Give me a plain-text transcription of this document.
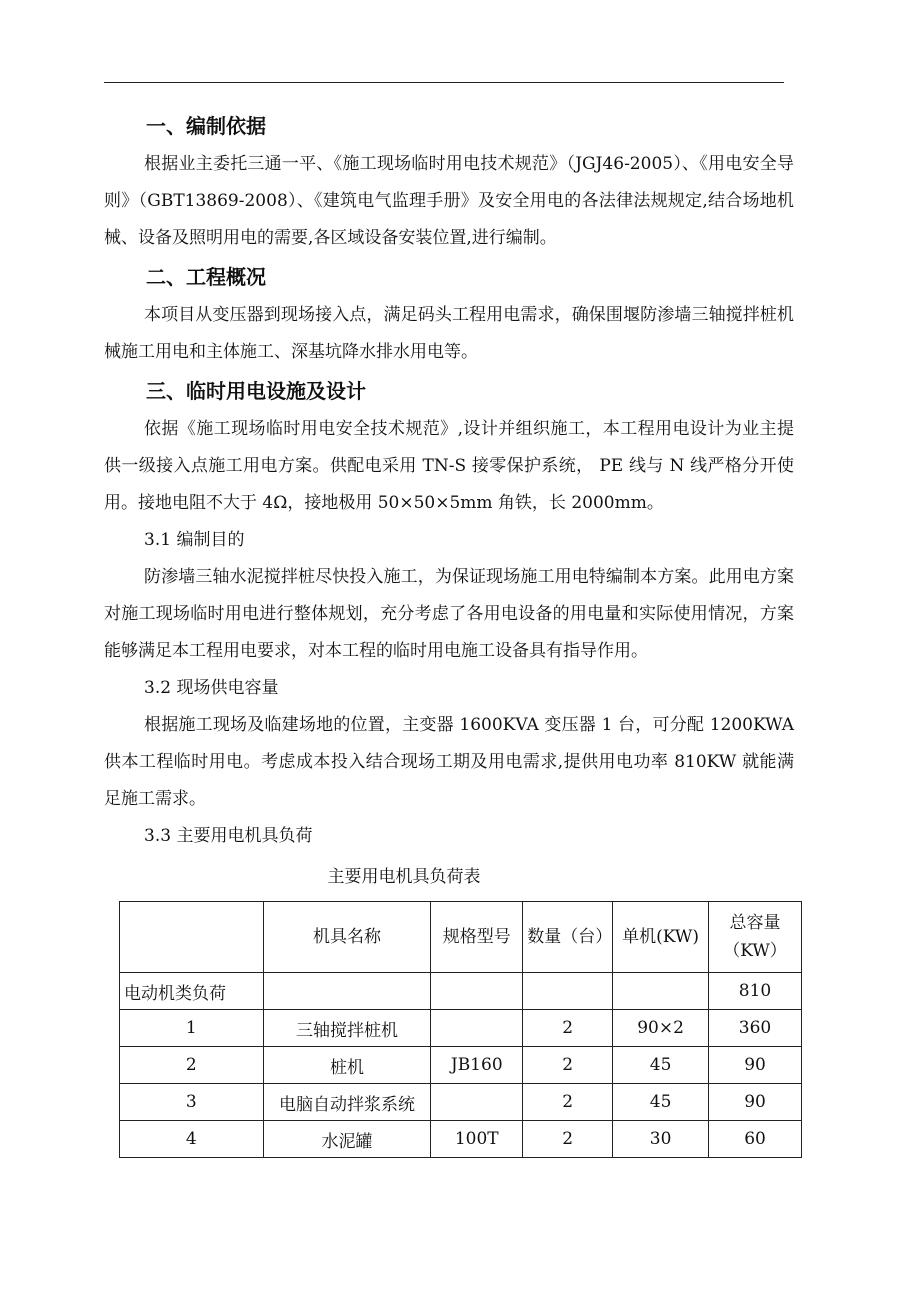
一、编制依据

根据业主委托三通一平、《施工现场临时用电技术规范》（JGJ46-2005）、《用电安全导则》（GBT13869-2008）、《建筑电气监理手册》及安全用电的各法律法规规定,结合场地机械、设备及照明用电的需要,各区域设备安装位置,进行编制。

二、工程概况

本项目从变压器到现场接入点，满足码头工程用电需求，确保围堰防渗墙三轴搅拌桩机械施工用电和主体施工、深基坑降水排水用电等。

三、临时用电设施及设计

依据《施工现场临时用电安全技术规范》,设计并组织施工，本工程用电设计为业主提供一级接入点施工用电方案。供配电采用 TN-S 接零保护系统， PE 线与 N 线严格分开使用。接地电阻不大于 4Ω，接地极用 50×50×5mm 角铁，长 2000mm。

3.1 编制目的

防渗墙三轴水泥搅拌桩尽快投入施工，为保证现场施工用电特编制本方案。此用电方案对施工现场临时用电进行整体规划，充分考虑了各用电设备的用电量和实际使用情况，方案能够满足本工程用电要求，对本工程的临时用电施工设备具有指导作用。

3.2 现场供电容量

根据施工现场及临建场地的位置，主变器 1600KVA 变压器 1 台，可分配 1200KWA 供本工程临时用电。考虑成本投入结合现场工期及用电需求,提供用电功率 810KW 就能满足施工需求。

3.3 主要用电机具负荷

主要用电机具负荷表
	机具名称	规格型号	数量（台）	单机(KW)	总容量（KW）
电动机类负荷					810
1	三轴搅拌桩机		2	90×2	360
2	桩机	JB160	2	45	90
3	电脑自动拌浆系统		2	45	90
4	水泥罐	100T	2	30	60
